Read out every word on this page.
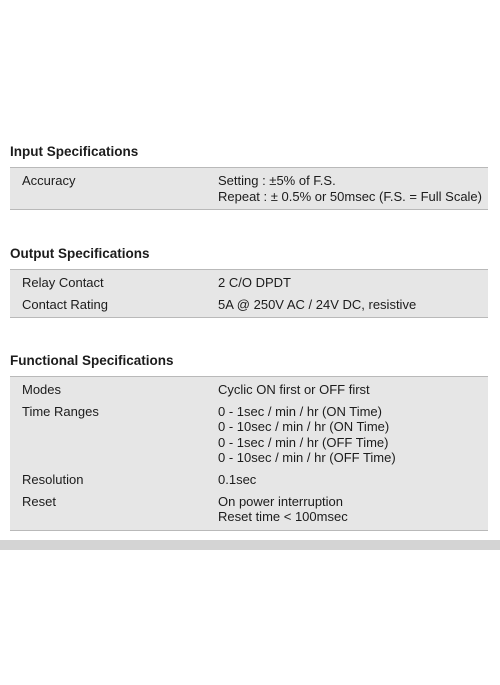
Input Specifications
Accuracy	Setting : ±5% of F.S.
Repeat : ± 0.5% or 50msec (F.S. = Full Scale)
Output Specifications
Relay Contact	2 C/O DPDT
Contact Rating	5A @ 250V AC / 24V DC, resistive
Functional Specifications
Modes	Cyclic ON first or OFF first
Time Ranges	0 - 1sec / min / hr (ON Time)
0 - 10sec / min / hr (ON Time)
0 - 1sec / min / hr (OFF Time)
0 - 10sec / min / hr (OFF Time)
Resolution	0.1sec
Reset	On power interruption
Reset time < 100msec
